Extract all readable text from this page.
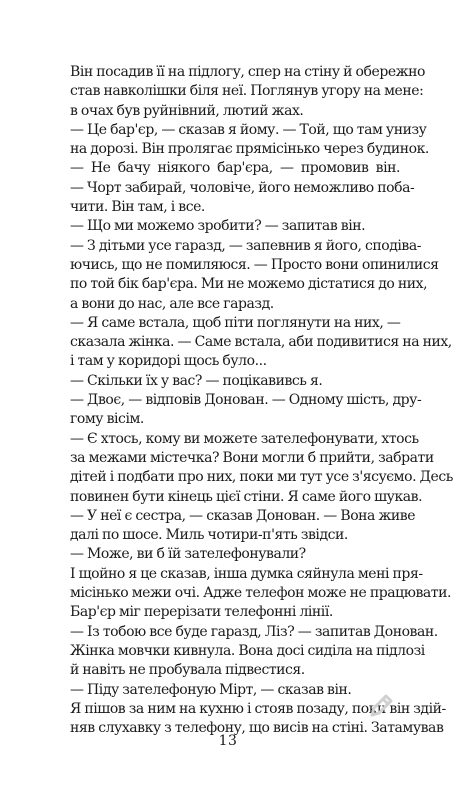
Він посадив її на підлогу, спер на стіну й обережно
став навколішки біля неї. Поглянув угору на мене:
в очах був руйнівний, лютий жах.
— Це бар'єр, — сказав я йому. — Той, що там унизу
на дорозі. Він пролягає прямісінько через будинок.
— Не бачу ніякого бар'єра, — промовив він.
— Чорт забирай, чоловіче, його неможливо поба-
чити. Він там, і все.
— Що ми можемо зробити? — запитав він.
— З дітьми усе гаразд, — запевнив я його, сподіва-
ючись, що не помиляюся. — Просто вони опинилися
по той бік бар'єра. Ми не можемо дістатися до них,
а вони до нас, але все гаразд.
— Я саме встала, щоб піти поглянути на них, —
сказала жінка. — Саме встала, аби подивитися на них,
і там у коридорі щось було...
— Скільки їх у вас? — поцікавивсь я.
— Двоє, — відповів Донован. — Одному шість, дру-
гому вісім.
— Є хтось, кому ви можете зателефонувати, хтось
за межами містечка? Вони могли б прийти, забрати
дітей і подбати про них, поки ми тут усе з'ясуємо. Десь
повинен бути кінець цієї стіни. Я саме його шукав.
— У неї є сестра, — сказав Донован. — Вона живе
далі по шосе. Миль чотири-п'ять звідси.
— Може, ви б їй зателефонували?
І щойно я це сказав, інша думка сяйнула мені пря-
місінько межи очі. Адже телефон може не працювати.
Бар'єр міг перерізати телефонні лінії.
— Із тобою все буде гаразд, Ліз? — запитав Донован.
Жінка мовчки кивнула. Вона досі сиділа на підлозі
й навіть не пробувала підвестися.
— Піду зателефоную Мірт, — сказав він.
Я пішов за ним на кухню і стояв позаду, поки він здій-
няв слухавку з телефону, що висів на стіні. Затамував
13
